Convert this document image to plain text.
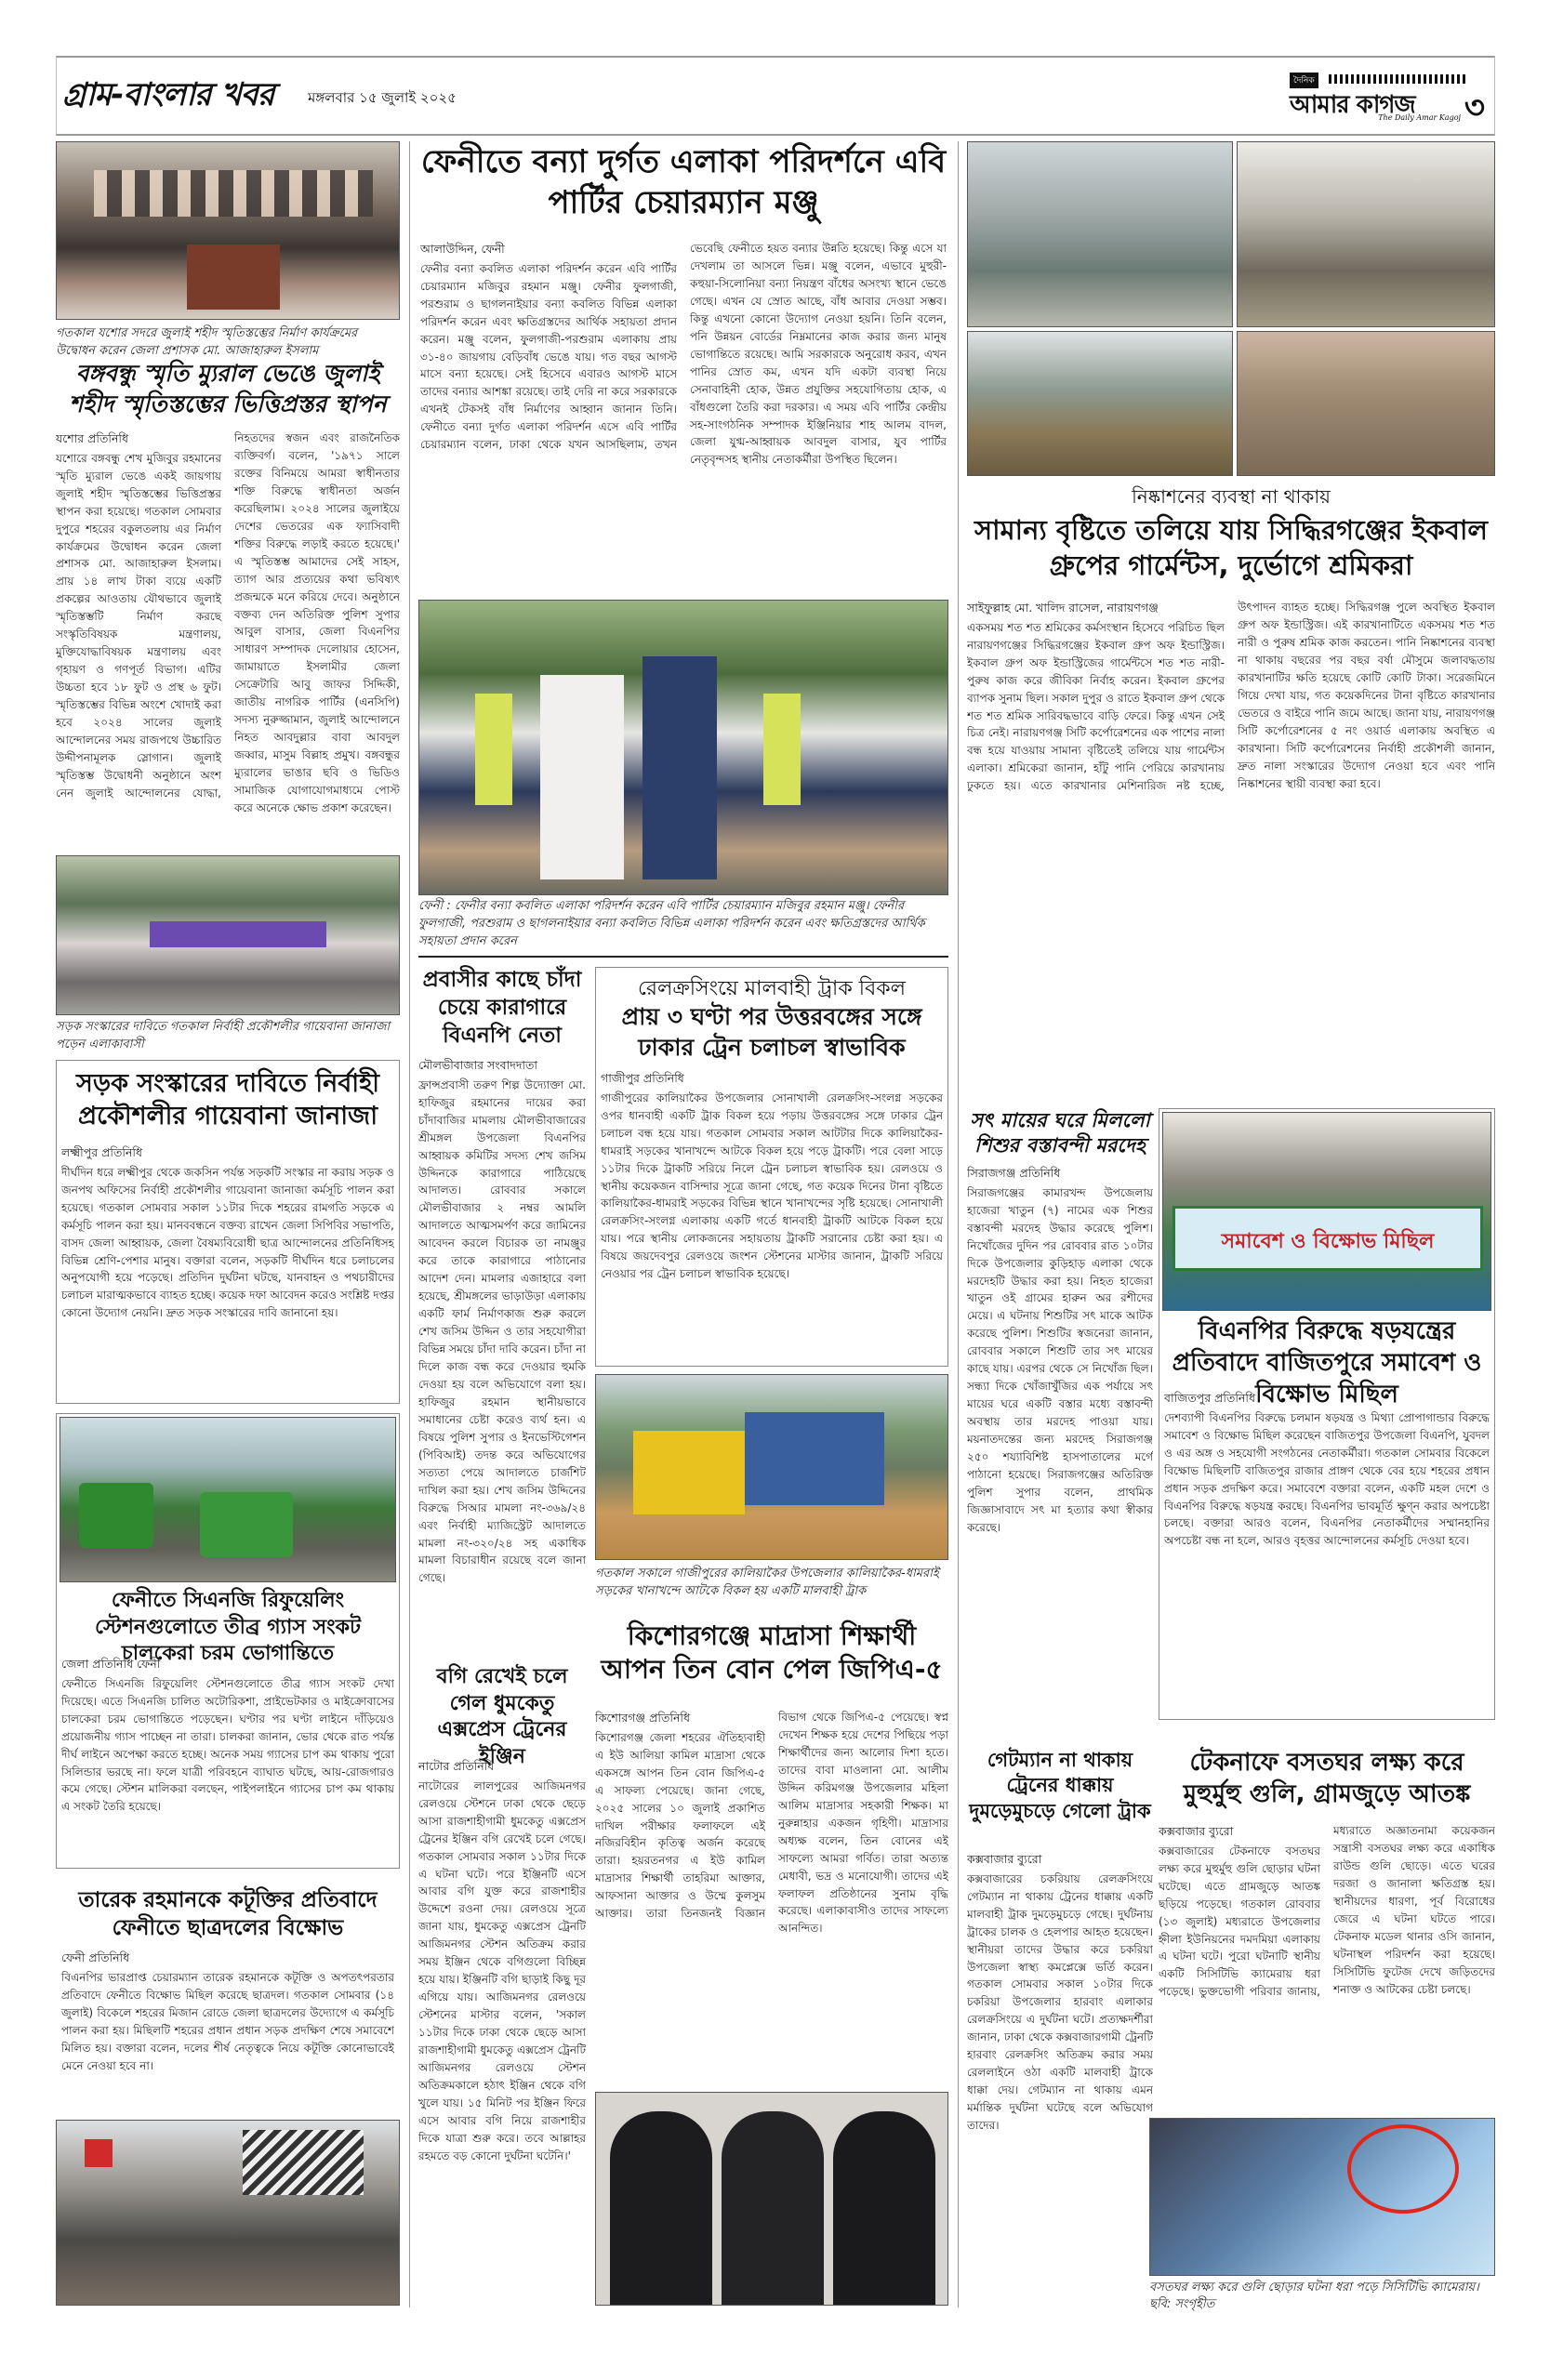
গ্রাম-বাংলার খবর মঙ্গলবার ১৫ জুলাই ২০২৫
দৈনিক
আমার কাগজ
The Daily Amar Kagoj ৩
গতকাল যশোর সদরে জুলাই শহীদ স্মৃতিস্তম্ভের নির্মাণ কার্যক্রমের উদ্বোধন করেন জেলা প্রশাসক মো. আজাহারুল ইসলাম
বঙ্গবন্ধু স্মৃতি ম্যুরাল ভেঙে জুলাই শহীদ স্মৃতিস্তম্ভের ভিত্তিপ্রস্তর স্থাপন
যশোর প্রতিনিধি
যশোরে বঙ্গবন্ধু শেখ মুজিবুর রহমানের স্মৃতি ম্যুরাল ভেঙে একই জায়গায় জুলাই শহীদ স্মৃতিস্তম্ভের ভিত্তিপ্রস্তর স্থাপন করা হয়েছে। গতকাল সোমবার দুপুরে শহরের বকুলতলায় এর নির্মাণ কার্যক্রমের উদ্বোধন করেন জেলা প্রশাসক মো. আজাহারুল ইসলাম। প্রায় ১৪ লাখ টাকা ব্যয়ে একটি প্রকল্পের আওতায় যৌথভাবে জুলাই স্মৃতিস্তম্ভটি নির্মাণ করছে সংস্কৃতিবিষয়ক মন্ত্রণালয়, মুক্তিযোদ্ধাবিষয়ক মন্ত্রণালয় এবং গৃহায়ণ ও গণপূর্ত বিভাগ। এটির উচ্চতা হবে ১৮ ফুট ও প্রস্থ ৬ ফুট। স্মৃতিস্তম্ভের বিভিন্ন অংশে খোদাই করা হবে ২০২৪ সালের জুলাই আন্দোলনের সময় রাজপথে উচ্চারিত উদ্দীপনামূলক স্লোগান। জুলাই স্মৃতিস্তম্ভ উদ্বোধনী অনুষ্ঠানে অংশ নেন জুলাই আন্দোলনের যোদ্ধা, নিহতদের স্বজন এবং রাজনৈতিক ব্যক্তিবর্গ। বলেন, '১৯৭১ সালে রক্তের বিনিময়ে আমরা স্বাধীনতার শক্তি বিরুদ্ধে স্বাধীনতা অর্জন করেছিলাম। ২০২৪ সালের জুলাইয়ে দেশের ভেতরের এক ফ্যাসিবাদী শক্তির বিরুদ্ধে লড়াই করতে হয়েছে।' এ স্মৃতিস্তম্ভ আমাদের সেই সাহস, ত্যাগ আর প্রত্যয়ের কথা ভবিষ্যৎ প্রজন্মকে মনে করিয়ে দেবে। অনুষ্ঠানে বক্তব্য দেন অতিরিক্ত পুলিশ সুপার আবুল বাসার, জেলা বিএনপির সাধারণ সম্পাদক দেলোয়ার হোসেন, জামায়াতে ইসলামীর জেলা সেক্রেটারি আবু জাফর সিদ্দিকী, জাতীয় নাগরিক পার্টির (এনসিপি) সদস্য নুরুজ্জামান, জুলাই আন্দোলনে নিহত আবদুল্লার বাবা আবদুল জব্বার, মাসুম বিল্লাহ প্রমুখ। বঙ্গবন্ধুর ম্যুরালের ভাঙার ছবি ও ভিডিও সামাজিক যোগাযোগমাধ্যমে পোস্ট করে অনেকে ক্ষোভ প্রকাশ করেছেন।
সড়ক সংস্কারের দাবিতে গতকাল নির্বাহী প্রকৌশলীর গায়েবানা জানাজা পড়েন এলাকাবাসী
সড়ক সংস্কারের দাবিতে নির্বাহী প্রকৌশলীর গায়েবানা জানাজা
লক্ষ্মীপুর প্রতিনিধি
দীর্ঘদিন ধরে লক্ষ্মীপুর থেকে জকসিন পর্যন্ত সড়কটি সংস্কার না করায় সড়ক ও জনপথ অফিসের নির্বাহী প্রকৌশলীর গায়েবানা জানাজা কর্মসূচি পালন করা হয়েছে। গতকাল সোমবার সকাল ১১টার দিকে শহরের রামগতি সড়কে এ কর্মসূচি পালন করা হয়। মানববন্ধনে বক্তব্য রাখেন জেলা সিপিবির সভাপতি, বাসদ জেলা আহ্বায়ক, জেলা বৈষম্যবিরোধী ছাত্র আন্দোলনের প্রতিনিধিসহ বিভিন্ন শ্রেণি-পেশার মানুষ। বক্তারা বলেন, সড়কটি দীর্ঘদিন ধরে চলাচলের অনুপযোগী হয়ে পড়েছে। প্রতিদিন দুর্ঘটনা ঘটছে, যানবাহন ও পথচারীদের চলাচল মারাত্মকভাবে ব্যাহত হচ্ছে। কয়েক দফা আবেদন করেও সংশ্লিষ্ট দপ্তর কোনো উদ্যোগ নেয়নি। দ্রুত সড়ক সংস্কারের দাবি জানানো হয়।
ফেনীতে সিএনজি রিফুয়েলিং স্টেশনগুলোতে তীব্র গ্যাস সংকট চালকেরা চরম ভোগান্তিতে
জেলা প্রতিনিধি ফেনী
ফেনীতে সিএনজি রিফুয়েলিং স্টেশনগুলোতে তীব্র গ্যাস সংকট দেখা দিয়েছে। এতে সিএনজি চালিত অটোরিকশা, প্রাইভেটকার ও মাইক্রোবাসের চালকেরা চরম ভোগান্তিতে পড়েছেন। ঘণ্টার পর ঘণ্টা লাইনে দাঁড়িয়েও প্রয়োজনীয় গ্যাস পাচ্ছেন না তারা। চালকরা জানান, ভোর থেকে রাত পর্যন্ত দীর্ঘ লাইনে অপেক্ষা করতে হচ্ছে। অনেক সময় গ্যাসের চাপ কম থাকায় পুরো সিলিন্ডার ভরছে না। ফলে যাত্রী পরিবহনে ব্যাঘাত ঘটছে, আয়-রোজগারও কমে গেছে। স্টেশন মালিকরা বলছেন, পাইপলাইনে গ্যাসের চাপ কম থাকায় এ সংকট তৈরি হয়েছে।
তারেক রহমানকে কটূক্তির প্রতিবাদে ফেনীতে ছাত্রদলের বিক্ষোভ
ফেনী প্রতিনিধি
বিএনপির ভারপ্রাপ্ত চেয়ারম্যান তারেক রহমানকে কটূক্তি ও অপতৎপরতার প্রতিবাদে ফেনীতে বিক্ষোভ মিছিল করেছে ছাত্রদল। গতকাল সোমবার (১৪ জুলাই) বিকেলে শহরের মিজান রোডে জেলা ছাত্রদলের উদ্যোগে এ কর্মসূচি পালন করা হয়। মিছিলটি শহরের প্রধান প্রধান সড়ক প্রদক্ষিণ শেষে সমাবেশে মিলিত হয়। বক্তারা বলেন, দলের শীর্ষ নেতৃত্বকে নিয়ে কটূক্তি কোনোভাবেই মেনে নেওয়া হবে না।
ফেনীতে বন্যা দুর্গত এলাকা পরিদর্শনে এবি পার্টির চেয়ারম্যান মঞ্জু
আলাউদ্দিন, ফেনী
ফেনীর বন্যা কবলিত এলাকা পরিদর্শন করেন এবি পার্টির চেয়ারম্যান মজিবুর রহমান মঞ্জু। ফেনীর ফুলগাজী, পরশুরাম ও ছাগলনাইয়ার বন্যা কবলিত বিভিন্ন এলাকা পরিদর্শন করেন এবং ক্ষতিগ্রস্তদের আর্থিক সহায়তা প্রদান করেন। মঞ্জু বলেন, ফুলগাজী-পরশুরাম এলাকায় প্রায় ৩১-৪০ জায়গায় বেড়িবাঁধ ভেঙে যায়। গত বছর আগস্ট মাসে বন্যা হয়েছে। সেই হিসেবে এবারও আগস্ট মাসে তাদের বন্যার আশঙ্কা রয়েছে। তাই দেরি না করে সরকারকে এখনই টেকসই বাঁধ নির্মাণের আহ্বান জানান তিনি। ফেনীতে বন্যা দুর্গত এলাকা পরিদর্শন এসে এবি পার্টির চেয়ারম্যান বলেন, ঢাকা থেকে যখন আসছিলাম, তখন ভেবেছি ফেনীতে হয়ত বন্যার উন্নতি হয়েছে। কিন্তু এসে যা দেখলাম তা আসলে ভিন্ন। মঞ্জু বলেন, এভাবে মুহুরী-কহুয়া-সিলোনিয়া বন্যা নিয়ন্ত্রণ বাঁধের অসংখ্য স্থানে ভেঙে গেছে। এখন যে স্রোত আছে, বাঁধ আবার দেওয়া সম্ভব। কিন্তু এখনো কোনো উদ্যোগ নেওয়া হয়নি। তিনি বলেন, পনি উন্নয়ন বোর্ডের নিম্নমানের কাজ করার জন্য মানুষ ভোগান্তিতে রয়েছে। আমি সরকারকে অনুরোধ করব, এখন পানির স্রোত কম, এখন যদি একটা ব্যবস্থা নিয়ে সেনাবাহিনী হোক, উন্নত প্রযুক্তির সহযোগিতায় হোক, এ বাঁধগুলো তৈরি করা দরকার। এ সময় এবি পার্টির কেন্দ্রীয় সহ-সাংগঠনিক সম্পাদক ইঞ্জিনিয়ার শাহ আলম বাদল, জেলা যুগ্ম-আহ্বায়ক আবদুল বাসার, যুব পার্টির নেতৃবৃন্দসহ স্থানীয় নেতাকর্মীরা উপস্থিত ছিলেন।
ফেনী : ফেনীর বন্যা কবলিত এলাকা পরিদর্শন করেন এবি পার্টির চেয়ারম্যান মজিবুর রহমান মঞ্জু। ফেনীর ফুলগাজী, পরশুরাম ও ছাগলনাইয়ার বন্যা কবলিত বিভিন্ন এলাকা পরিদর্শন করেন এবং ক্ষতিগ্রস্তদের আর্থিক সহায়তা প্রদান করেন
প্রবাসীর কাছে চাঁদা চেয়ে কারাগারে বিএনপি নেতা
মৌলভীবাজার সংবাদদাতা
ফ্রান্সপ্রবাসী তরুণ শিল্প উদ্যোক্তা মো. হাফিজুর রহমানের দায়ের করা চাঁদাবাজির মামলায় মৌলভীবাজারের শ্রীমঙ্গল উপজেলা বিএনপির আহ্বায়ক কমিটির সদস্য শেখ জসিম উদ্দিনকে কারাগারে পাঠিয়েছে আদালত। রোববার সকালে মৌলভীবাজার ২ নম্বর আমলি আদালতে আত্মসমর্পণ করে জামিনের আবেদন করলে বিচারক তা নামঞ্জুর করে তাকে কারাগারে পাঠানোর আদেশ দেন। মামলার এজাহারে বলা হয়েছে, শ্রীমঙ্গলের ভাড়াউড়া এলাকায় একটি ফার্ম নির্মাণকাজ শুরু করলে শেখ জসিম উদ্দিন ও তার সহযোগীরা বিভিন্ন সময়ে চাঁদা দাবি করেন। চাঁদা না দিলে কাজ বন্ধ করে দেওয়ার হুমকি দেওয়া হয় বলে অভিযোগে বলা হয়। হাফিজুর রহমান স্থানীয়ভাবে সমাধানের চেষ্টা করেও ব্যর্থ হন। এ বিষয়ে পুলিশ সুপার ও ইনভেস্টিগেশন (পিবিআই) তদন্ত করে অভিযোগের সত্যতা পেয়ে আদালতে চার্জশিট দাখিল করা হয়। শেখ জসিম উদ্দিনের বিরুদ্ধে সিআর মামলা নং-৩৬৯/২৪ এবং নির্বাহী ম্যাজিস্ট্রেট আদালতে মামলা নং-৩২০/২৪ সহ একাধিক মামলা বিচারাধীন রয়েছে বলে জানা গেছে।
রেলক্রসিংয়ে মালবাহী ট্রাক বিকল
প্রায় ৩ ঘণ্টা পর উত্তরবঙ্গের সঙ্গে ঢাকার ট্রেন চলাচল স্বাভাবিক
গাজীপুর প্রতিনিধি
গাজীপুরের কালিয়াকৈর উপজেলার সোনাখালী রেলক্রসিং-সংলগ্ন সড়কের ওপর ধানবাহী একটি ট্রাক বিকল হয়ে পড়ায় উত্তরবঙ্গের সঙ্গে ঢাকার ট্রেন চলাচল বন্ধ হয়ে যায়। গতকাল সোমবার সকাল আটটার দিকে কালিয়াকৈর-ধামরাই সড়কের খানাখন্দে আটকে বিকল হয়ে পড়ে ট্রাকটি। পরে বেলা সাড়ে ১১টার দিকে ট্রাকটি সরিয়ে নিলে ট্রেন চলাচল স্বাভাবিক হয়। রেলওয়ে ও স্থানীয় কয়েকজন বাসিন্দার সূত্রে জানা গেছে, গত কয়েক দিনের টানা বৃষ্টিতে কালিয়াকৈর-ধামরাই সড়কের বিভিন্ন স্থানে খানাখন্দের সৃষ্টি হয়েছে। সোনাখালী রেলক্রসিং-সংলগ্ন এলাকায় একটি গর্তে ধানবাহী ট্রাকটি আটকে বিকল হয়ে যায়। পরে স্থানীয় লোকজনের সহায়তায় ট্রাকটি সরানোর চেষ্টা করা হয়। এ বিষয়ে জয়দেবপুর রেলওয়ে জংশন স্টেশনের মাস্টার জানান, ট্রাকটি সরিয়ে নেওয়ার পর ট্রেন চলাচল স্বাভাবিক হয়েছে।
গতকাল সকালে গাজীপুরের কালিয়াকৈর উপজেলার কালিয়াকৈর-ধামরাই সড়কের খানাখন্দে আটকে বিকল হয় একটি মালবাহী ট্রাক
বগি রেখেই চলে গেল ধুমকেতু এক্সপ্রেস ট্রেনের ইঞ্জিন
নাটোর প্রতিনিধি
নাটোরের লালপুরের আজিমনগর রেলওয়ে স্টেশনে ঢাকা থেকে ছেড়ে আসা রাজশাহীগামী ধুমকেতু এক্সপ্রেস ট্রেনের ইঞ্জিন বগি রেখেই চলে গেছে। গতকাল সোমবার সকাল ১১টার দিকে এ ঘটনা ঘটে। পরে ইঞ্জিনটি এসে আবার বগি যুক্ত করে রাজশাহীর উদ্দেশে রওনা দেয়। রেলওয়ে সূত্রে জানা যায়, ধুমকেতু এক্সপ্রেস ট্রেনটি আজিমনগর স্টেশন অতিক্রম করার সময় ইঞ্জিন থেকে বগিগুলো বিচ্ছিন্ন হয়ে যায়। ইঞ্জিনটি বগি ছাড়াই কিছু দূর এগিয়ে যায়। আজিমনগর রেলওয়ে স্টেশনের মাস্টার বলেন, 'সকাল ১১টার দিকে ঢাকা থেকে ছেড়ে আসা রাজশাহীগামী ধুমকেতু এক্সপ্রেস ট্রেনটি আজিমনগর রেলওয়ে স্টেশন অতিক্রমকালে হঠাৎ ইঞ্জিন থেকে বগি খুলে যায়। ১৫ মিনিট পর ইঞ্জিন ফিরে এসে আবার বগি নিয়ে রাজশাহীর দিকে যাত্রা শুরু করে। তবে আল্লাহর রহমতে বড় কোনো দুর্ঘটনা ঘটেনি।'
কিশোরগঞ্জে মাদ্রাসা শিক্ষার্থী আপন তিন বোন পেল জিপিএ-৫
কিশোরগঞ্জ প্রতিনিধি
কিশোরগঞ্জ জেলা শহরের ঐতিহ্যবাহী এ ইউ আলিয়া কামিল মাদ্রাসা থেকে একসঙ্গে আপন তিন বোন জিপিএ-৫ এ সাফল্য পেয়েছে। জানা গেছে, ২০২৫ সালের ১০ জুলাই প্রকাশিত দাখিল পরীক্ষার ফলাফলে এই নজিরবিহীন কৃতিত্ব অর্জন করেছে তারা। হয়রতনগর এ ইউ কামিল মাদ্রাসার শিক্ষার্থী তাহরিমা আক্তার, আফসানা আক্তার ও উম্মে কুলসুম আক্তার। তারা তিনজনই বিজ্ঞান বিভাগ থেকে জিপিএ-৫ পেয়েছে। স্বপ্ন দেখেন শিক্ষক হয়ে দেশের পিছিয়ে পড়া শিক্ষার্থীদের জন্য আলোর দিশা হতে। তাদের বাবা মাওলানা মো. আলীম উদ্দিন করিমগঞ্জ উপজেলার মহিলা আলিম মাদ্রাসার সহকারী শিক্ষক। মা নুরুন্নাহার একজন গৃহিণী। মাদ্রাসার অধ্যক্ষ বলেন, তিন বোনের এই সাফল্যে আমরা গর্বিত। তারা অত্যন্ত মেধাবী, ভদ্র ও মনোযোগী। তাদের এই ফলাফল প্রতিষ্ঠানের সুনাম বৃদ্ধি করেছে। এলাকাবাসীও তাদের সাফল্যে আনন্দিত।
নিষ্কাশনের ব্যবস্থা না থাকায়
সামান্য বৃষ্টিতে তলিয়ে যায় সিদ্ধিরগঞ্জের ইকবাল গ্রুপের গার্মেন্টস, দুর্ভোগে শ্রমিকরা
সাইফুল্লাহ মো. খালিদ রাসেল, নারায়ণগঞ্জ
একসময় শত শত শ্রমিকের কর্মসংস্থান হিসেবে পরিচিত ছিল নারায়ণগঞ্জের সিদ্ধিরগঞ্জের ইকবাল গ্রুপ অফ ইন্ডাস্ট্রিজ। ইকবাল গ্রুপ অফ ইন্ডাস্ট্রিজের গার্মেন্টসে শত শত নারী-পুরুষ কাজ করে জীবিকা নির্বাহ করেন। ইকবাল গ্রুপের ব্যাপক সুনাম ছিল। সকাল দুপুর ও রাতে ইকবাল গ্রুপ থেকে শত শত শ্রমিক সারিবদ্ধভাবে বাড়ি ফেরে। কিন্তু এখন সেই চিত্র নেই। নারায়ণগঞ্জ সিটি কর্পোরেশনের এক পাশের নালা বন্ধ হয়ে যাওয়ায় সামান্য বৃষ্টিতেই তলিয়ে যায় গার্মেন্টস এলাকা। শ্রমিকেরা জানান, হাঁটু পানি পেরিয়ে কারখানায় ঢুকতে হয়। এতে কারখানার মেশিনারিজ নষ্ট হচ্ছে, উৎপাদন ব্যাহত হচ্ছে। সিদ্ধিরগঞ্জ পুলে অবস্থিত ইকবাল গ্রুপ অফ ইন্ডাস্ট্রিজ। এই কারখানাটিতে একসময় শত শত নারী ও পুরুষ শ্রমিক কাজ করতেন। পানি নিষ্কাশনের ব্যবস্থা না থাকায় বছরের পর বছর বর্ষা মৌসুমে জলাবদ্ধতায় কারখানাটির ক্ষতি হয়েছে কোটি কোটি টাকা। সরেজমিনে গিয়ে দেখা যায়, গত কয়েকদিনের টানা বৃষ্টিতে কারখানার ভেতরে ও বাইরে পানি জমে আছে। জানা যায়, নারায়ণগঞ্জ সিটি কর্পোরেশনের ৫ নং ওয়ার্ড এলাকায় অবস্থিত এ কারখানা। সিটি কর্পোরেশনের নির্বাহী প্রকৌশলী জানান, দ্রুত নালা সংস্কারের উদ্যোগ নেওয়া হবে এবং পানি নিষ্কাশনের স্থায়ী ব্যবস্থা করা হবে।
সৎ মায়ের ঘরে মিললো শিশুর বস্তাবন্দী মরদেহ
সিরাজগঞ্জ প্রতিনিধি
সিরাজগঞ্জের কামারখন্দ উপজেলায় হাজেরা খাতুন (৭) নামের এক শিশুর বস্তাবন্দী মরদেহ উদ্ধার করেছে পুলিশ। নিখোঁজের দুদিন পর রোববার রাত ১০টার দিকে উপজেলার কুড়িহাড় এলাকা থেকে মরদেহটি উদ্ধার করা হয়। নিহত হাজেরা খাতুন ওই গ্রামের হারুন অর রশীদের মেয়ে। এ ঘটনায় শিশুটির সৎ মাকে আটক করেছে পুলিশ। শিশুটির স্বজনেরা জানান, রোববার সকালে শিশুটি তার সৎ মায়ের কাছে যায়। এরপর থেকে সে নিখোঁজ ছিল। সন্ধ্যা দিকে খোঁজাখুঁজির এক পর্যায়ে সৎ মায়ের ঘরে একটি বস্তার মধ্যে বস্তাবন্দী অবস্থায় তার মরদেহ পাওয়া যায়। ময়নাতদন্তের জন্য মরদেহ সিরাজগঞ্জ ২৫০ শয্যাবিশিষ্ট হাসপাতালের মর্গে পাঠানো হয়েছে। সিরাজগঞ্জের অতিরিক্ত পুলিশ সুপার বলেন, প্রাথমিক জিজ্ঞাসাবাদে সৎ মা হত্যার কথা স্বীকার করেছে।
সমাবেশ ও বিক্ষোভ মিছিল
বিএনপির বিরুদ্ধে ষড়যন্ত্রের প্রতিবাদে বাজিতপুরে সমাবেশ ও বিক্ষোভ মিছিল
বাজিতপুর প্রতিনিধি
দেশব্যাপী বিএনপির বিরুদ্ধে চলমান ষড়যন্ত্র ও মিথ্যা প্রোপাগান্ডার বিরুদ্ধে সমাবেশ ও বিক্ষোভ মিছিল করেছেন বাজিতপুর উপজেলা বিএনপি, যুবদল ও এর অঙ্গ ও সহযোগী সংগঠনের নেতাকর্মীরা। গতকাল সোমবার বিকেলে বিক্ষোভ মিছিলটি বাজিতপুর রাজার প্রাঙ্গণ থেকে বের হয়ে শহরের প্রধান প্রধান সড়ক প্রদক্ষিণ করে। সমাবেশে বক্তারা বলেন, একটি মহল দেশে ও বিএনপির বিরুদ্ধে ষড়যন্ত্র করছে। বিএনপির ভাবমূর্তি ক্ষুণ্ন করার অপচেষ্টা চলছে। বক্তারা আরও বলেন, বিএনপির নেতাকর্মীদের সম্মানহানির অপচেষ্টা বন্ধ না হলে, আরও বৃহত্তর আন্দোলনের কর্মসূচি দেওয়া হবে।
গেটম্যান না থাকায় ট্রেনের ধাক্কায় দুমড়েমুচড়ে গেলো ট্রাক
কক্সবাজার ব্যুরো
কক্সবাজারের চকরিয়ায় রেলক্রসিংয়ে গেটম্যান না থাকায় ট্রেনের ধাক্কায় একটি মালবাহী ট্রাক দুমড়েমুচড়ে গেছে। দুর্ঘটনায় ট্রাকের চালক ও হেলপার আহত হয়েছেন। স্থানীয়রা তাদের উদ্ধার করে চকরিয়া উপজেলা স্বাস্থ্য কমপ্লেক্সে ভর্তি করেন। গতকাল সোমবার সকাল ১০টার দিকে চকরিয়া উপজেলার হারবাং এলাকার রেলক্রসিংয়ে এ দুর্ঘটনা ঘটে। প্রত্যক্ষদর্শীরা জানান, ঢাকা থেকে কক্সবাজারগামী ট্রেনটি হারবাং রেলক্রসিং অতিক্রম করার সময় রেললাইনে ওঠা একটি মালবাহী ট্রাকে ধাক্কা দেয়। গেটম্যান না থাকায় এমন মর্মান্তিক দুর্ঘটনা ঘটেছে বলে অভিযোগ তাদের।
টেকনাফে বসতঘর লক্ষ্য করে মুহুর্মুহু গুলি, গ্রামজুড়ে আতঙ্ক
কক্সবাজার ব্যুরো
কক্সবাজারের টেকনাফে বসতঘর লক্ষ্য করে মুহুর্মুহু গুলি ছোড়ার ঘটনা ঘটেছে। এতে গ্রামজুড়ে আতঙ্ক ছড়িয়ে পড়েছে। গতকাল রোববার (১৩ জুলাই) মধ্যরাতে উপজেলার হ্নীলা ইউনিয়নের দমদমিয়া এলাকায় এ ঘটনা ঘটে। পুরো ঘটনাটি স্থানীয় একটি সিসিটিভি ক্যামেরায় ধরা পড়েছে। ভুক্তভোগী পরিবার জানায়, মধ্যরাতে অজ্ঞাতনামা কয়েকজন সন্ত্রাসী বসতঘর লক্ষ্য করে একাধিক রাউন্ড গুলি ছোড়ে। এতে ঘরের দরজা ও জানালা ক্ষতিগ্রস্ত হয়। স্থানীয়দের ধারণা, পূর্ব বিরোধের জেরে এ ঘটনা ঘটতে পারে। টেকনাফ মডেল থানার ওসি জানান, ঘটনাস্থল পরিদর্শন করা হয়েছে। সিসিটিভি ফুটেজ দেখে জড়িতদের শনাক্ত ও আটকের চেষ্টা চলছে।
বসতঘর লক্ষ্য করে গুলি ছোড়ার ঘটনা ধরা পড়ে সিসিটিভি ক্যামেরায়।
ছবি: সংগৃহীত
